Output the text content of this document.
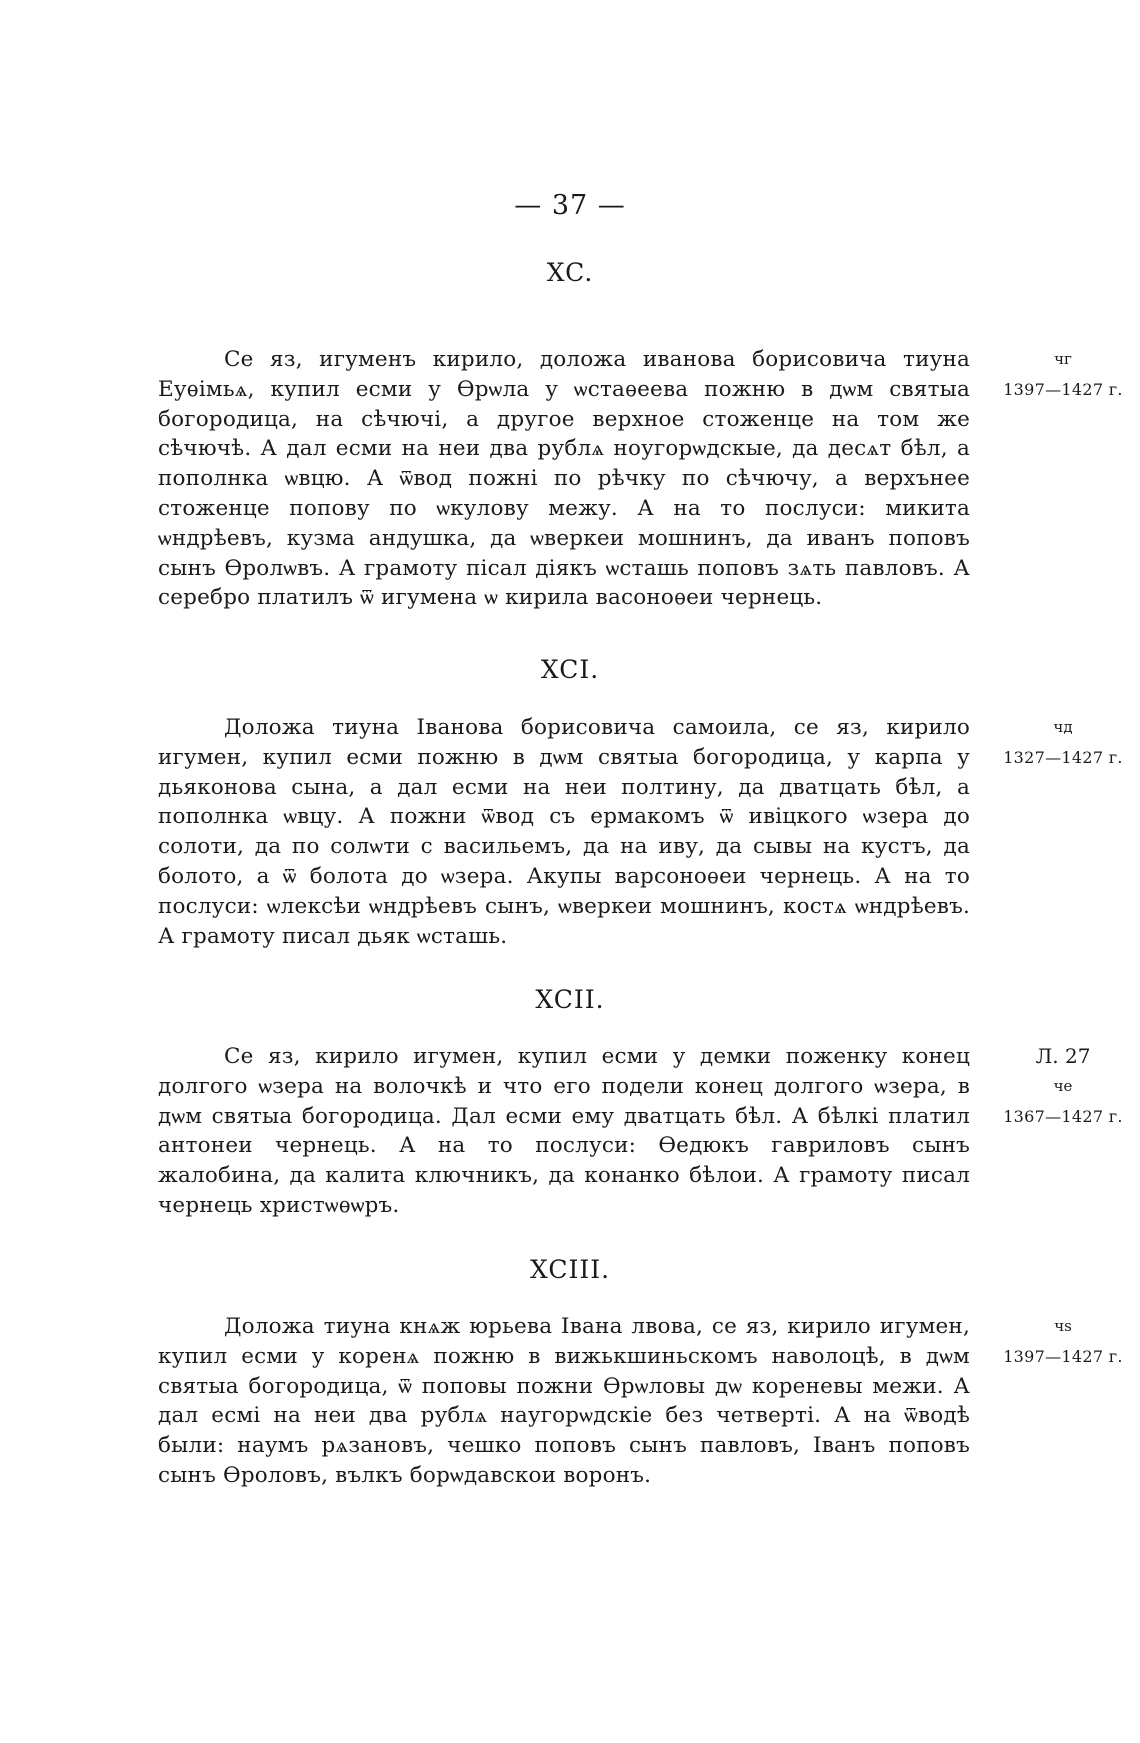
— 37 —
XC.
Се яз, игуменъ кирило, доложа иванова борисовича тиуна Еуѳімьѧ, купил есми у Ѳрѡла у ѡстаѳеева пожню в дѡм святыа богородица, на сѣчючі, а другое верхное стоженце на том же сѣчючѣ. А дал есми на неи два рублѧ ноугорѡдскые, да десѧт бѣл, а пополнка ѡвцю. А ѿвод пожні по рѣчку по сѣчючу, а верхънее стоженце попову по ѡкулову межу. А на то послуси: микита ѡндрѣевъ, кузма андушка, да ѡверкеи мошнинъ, да иванъ поповъ сынъ Ѳролѡвъ. А грамоту пісал діякъ ѡсташь поповъ зѧть павловъ. А серебро платилъ ѿ игумена ѡ кирила васоноѳеи чернець.
чг
1397—1427 г.
XCI.
Доложа тиуна Іванова борисовича самоила, се яз, кирило игумен, купил есми пожню в дѡм святыа богородица, у карпа у дьяконова сына, а дал есми на неи полтину, да дватцать бѣл, а пополнка ѡвцу. А пожни ѿвод съ ермакомъ ѿ ивіцкого ѡзера до солоти, да по солѡти с васильемъ, да на иву, да сывы на кустъ, да болото, а ѿ болота до ѡзера. Акупы варсоноѳеи чернець. А на то послуси: ѡлексѣи ѡндрѣевъ сынъ, ѡверкеи мошнинъ, костѧ ѡндрѣевъ. А грамоту писал дьяк ѡсташь.
чд
1327—1427 г.
XCII.
Се яз, кирило игумен, купил есми у демки поженку конец долгого ѡзера на волочкѣ и что его подели конец долгого ѡзера, в дѡм святыа богородица. Дал есми ему дватцать бѣл. А бѣлкі платил антонеи чернець. А на то послуси: Ѳедюкъ гавриловъ сынъ жалобина, да калита ключникъ, да конанко бѣлои. А грамоту писал чернець христѡѳѡръ.
Л. 27
че
1367—1427 г.
XCIII.
Доложа тиуна кнѧж юрьева Івана лвова, се яз, кирило игумен, купил есми у коренѧ пожню в вижькшиньскомъ наволоцѣ, в дѡм святыа богородица, ѿ поповы пожни Ѳрѡловы дѡ кореневы межи. А дал есмі на неи два рублѧ наугорѡдскіе без четверті. А на ѿводѣ были: наумъ рѧзановъ, чешко поповъ сынъ павловъ, Іванъ поповъ сынъ Ѳроловъ, вълкъ борѡдавскои воронъ.
чѕ
1397—1427 г.
